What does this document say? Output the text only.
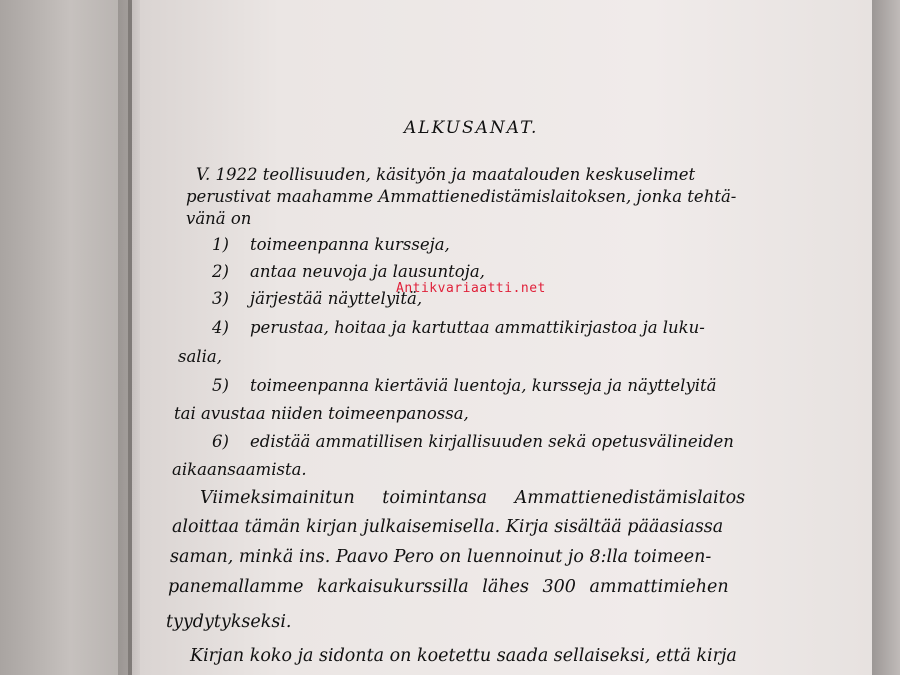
ALKUSANAT.
V. 1922 teollisuuden, käsityön ja maatalouden keskuselimet
perustivat maahamme Ammattienedistämislaitoksen, jonka tehtä-
vänä on
1) toimeenpanna kursseja,
2) antaa neuvoja ja lausuntoja,
3) järjestää näyttelyitä,
4) perustaa, hoitaa ja kartuttaa ammattikirjastoa ja luku-
salia,
5) toimeenpanna kiertäviä luentoja, kursseja ja näyttelyitä
tai avustaa niiden toimeenpanossa,
6) edistää ammatillisen kirjallisuuden sekä opetusvälineiden
aikaansaamista.
Viimeksimainitun toimintansa Ammattienedistämislaitos
aloittaa tämän kirjan julkaisemisella. Kirja sisältää pääasiassa
saman, minkä ins. Paavo Pero on luennoinut jo 8:lla toimeen-
panemallamme karkaisukurssilla lähes 300 ammattimiehen
tyydytykseksi.
Kirjan koko ja sidonta on koetettu saada sellaiseksi, että kirja
Antikvariaatti.net
